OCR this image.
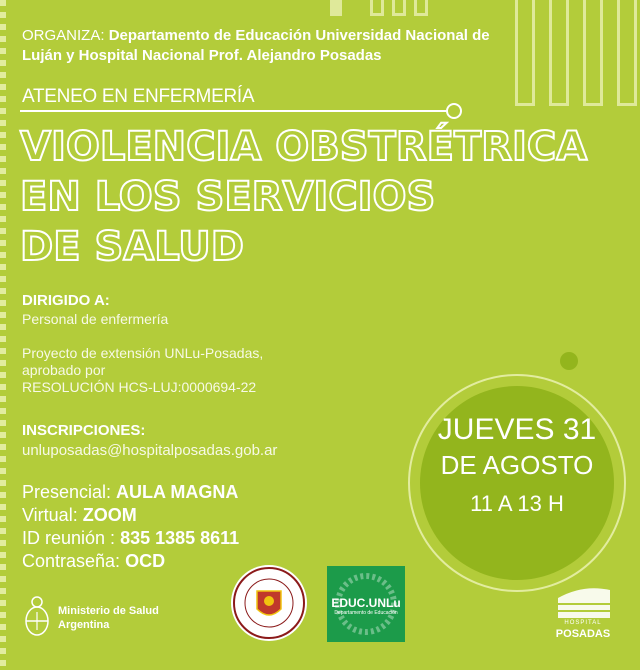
ORGANIZA: Departamento de Educación Universidad Nacional de Luján y Hospital Nacional Prof. Alejandro Posadas
ATENEO EN ENFERMERÍA
VIOLENCIA OBSTRÉTRICA
EN LOS SERVICIOS
DE SALUD
DIRIGIDO A:
Personal de enfermería
Proyecto de extensión UNLu-Posadas,
aprobado por
RESOLUCIÓN HCS-LUJ:0000694-22
INSCRIPCIONES:
unluposadas@hospitalposadas.gob.ar
Presencial: AULA MAGNA
Virtual: ZOOM
ID reunión : 835 1385 8611
Contraseña: OCD
JUEVES 31
DE AGOSTO
11 A 13 H
Ministerio de Salud
Argentina
EDUC.UNLu
Departamento de Educación
HOSPITAL
POSADAS
